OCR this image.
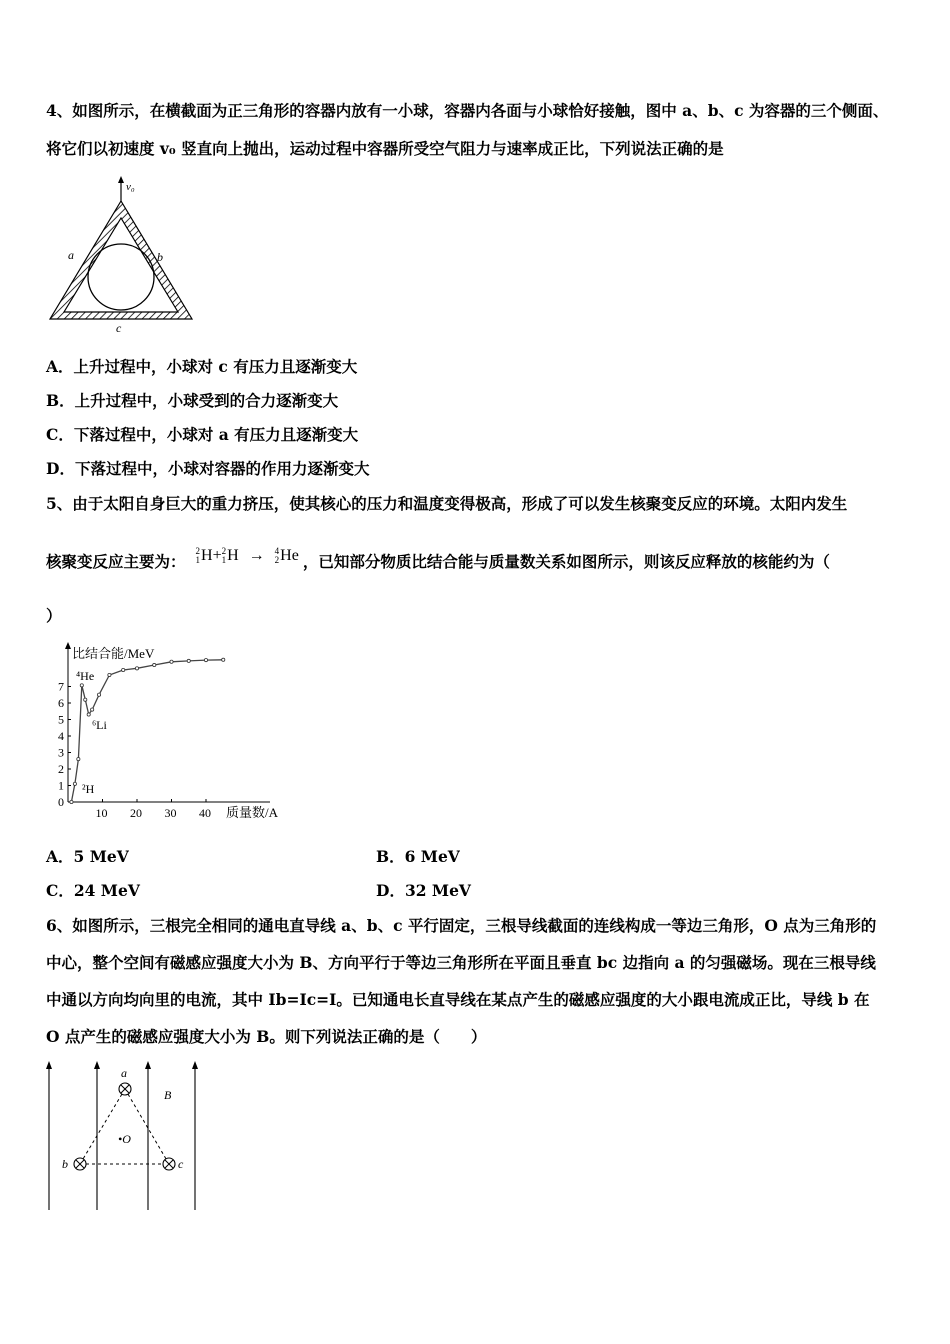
4、如图所示，在横截面为正三角形的容器内放有一小球，容器内各面与小球恰好接触，图中 a、b、c 为容器的三个侧面、
将它们以初速度 v₀ 竖直向上抛出，运动过程中容器所受空气阻力与速率成正比，下列说法正确的是
v₀
a	b
c
A．上升过程中，小球对 c 有压力且逐渐变大
B．上升过程中，小球受到的合力逐渐变大
C．下落过程中，小球对 a 有压力且逐渐变大
D．下落过程中，小球对容器的作用力逐渐变大
5、由于太阳自身巨大的重力挤压，使其核心的压力和温度变得极高，形成了可以发生核聚变反应的环境。太阳内发生
核聚变反应主要为：
2
1 H+ 2
1 H → 4
2 He ，已知部分物质比结合能与质量数关系如图所示，则该反应释放的核能约为（
）
比结合能/MeV
质量数/A
0
1
2
3
4
5
6
7
10 20 30 40
⁴He
⁶Li
²H
A．5 MeV	B．6 MeV
C．24 MeV	D．32 MeV
6、如图所示，三根完全相同的通电直导线 a、b、c 平行固定，三根导线截面的连线构成一等边三角形，O 点为三角形的
中心，整个空间有磁感应强度大小为 B、方向平行于等边三角形所在平面且垂直 bc 边指向 a 的匀强磁场。现在三根导线
中通以方向均向里的电流，其中 Ib=Ic=I。已知通电长直导线在某点产生的磁感应强度的大小跟电流成正比，导线 b 在
O 点产生的磁感应强度大小为 B。则下列说法正确的是（　　）
a
b	c
•O
B
